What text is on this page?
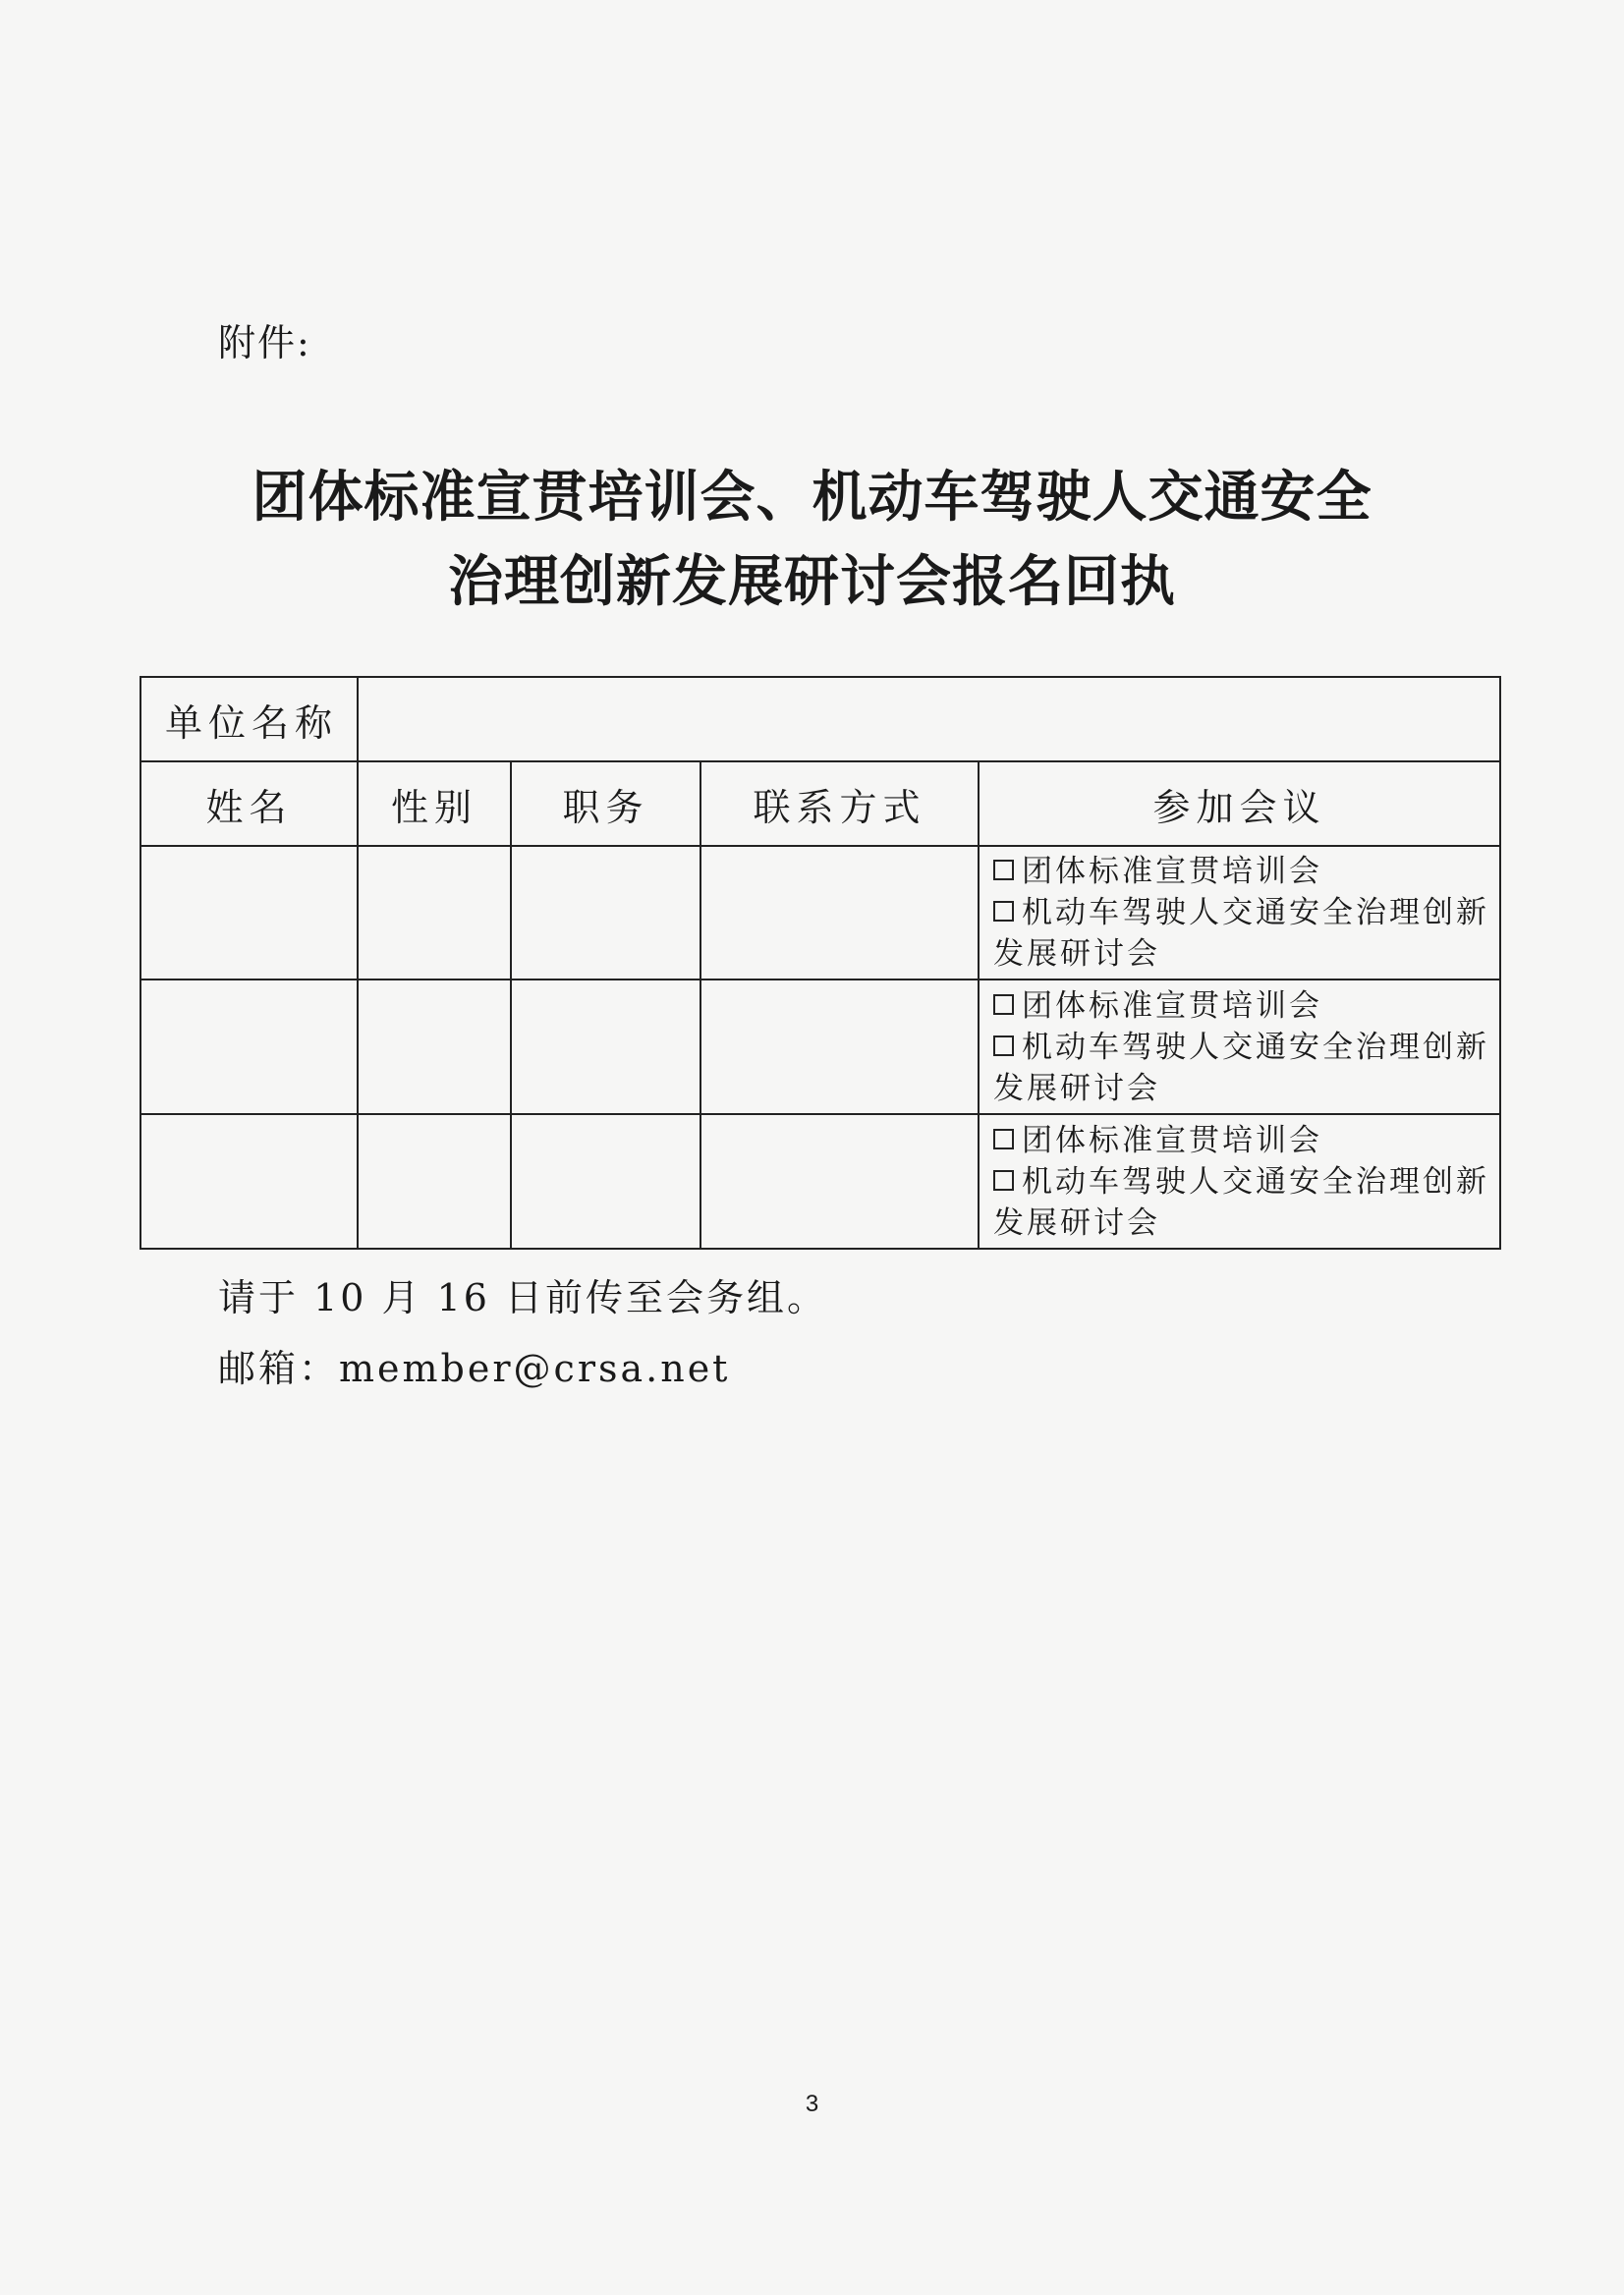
附件:
团体标准宣贯培训会、机动车驾驶人交通安全
治理创新发展研讨会报名回执
单位名称				
姓名	性别	职务	联系方式	参加会议

				团体标准宣贯培训会
机动车驾驶人交通安全治理创新
发展研讨会

				团体标准宣贯培训会
机动车驾驶人交通安全治理创新
发展研讨会

				团体标准宣贯培训会
机动车驾驶人交通安全治理创新
发展研讨会
请于 10 月 16 日前传至会务组。
邮箱：member@crsa.net
3
